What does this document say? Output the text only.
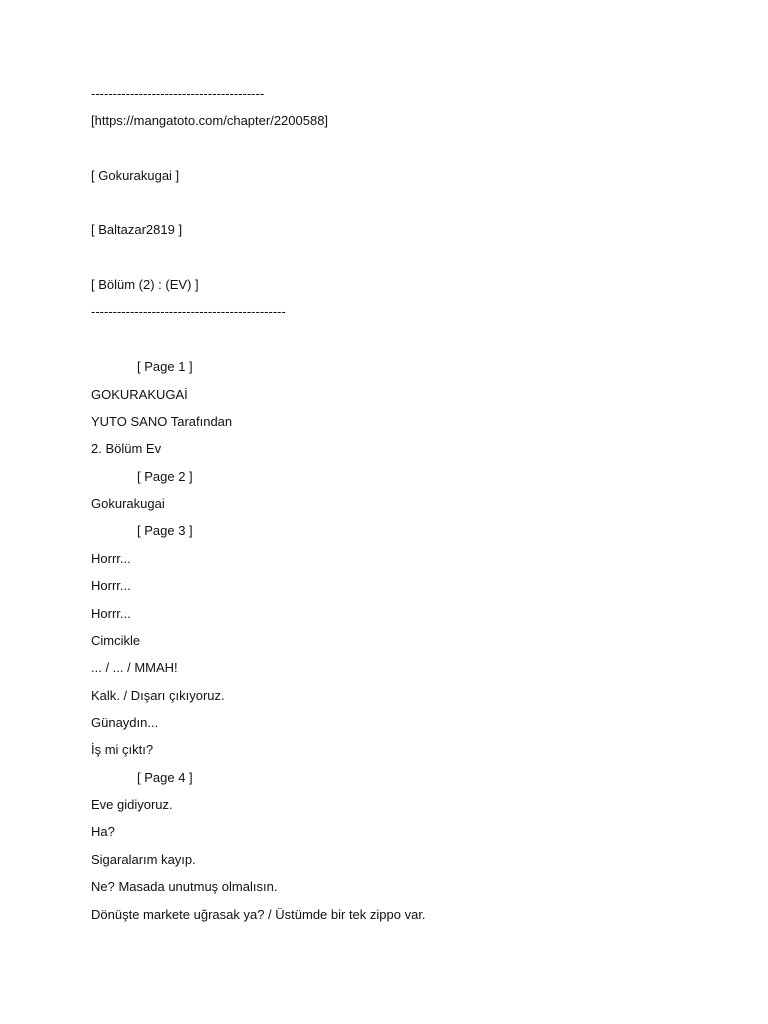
----------------------------------------
[https://mangatoto.com/chapter/2200588]
[ Gokurakugai ]
[ Baltazar2819 ]
[ Bölüm (2) : (EV) ]
---------------------------------------------
[ Page 1 ]
GOKURAKUGAİ
YUTO SANO Tarafından
2. Bölüm Ev
[ Page 2 ]
Gokurakugai
[ Page 3 ]
Horrr...
Horrr...
Horrr...
Cimcikle
... / ... / MMAH!
Kalk. / Dışarı çıkıyoruz.
Günaydın...
İş mi çıktı?
[ Page 4 ]
Eve gidiyoruz.
Ha?
Sigaralarım kayıp.
Ne? Masada unutmuş olmalısın.
Dönüşte markete uğrasak ya? / Üstümde bir tek zippo var.
